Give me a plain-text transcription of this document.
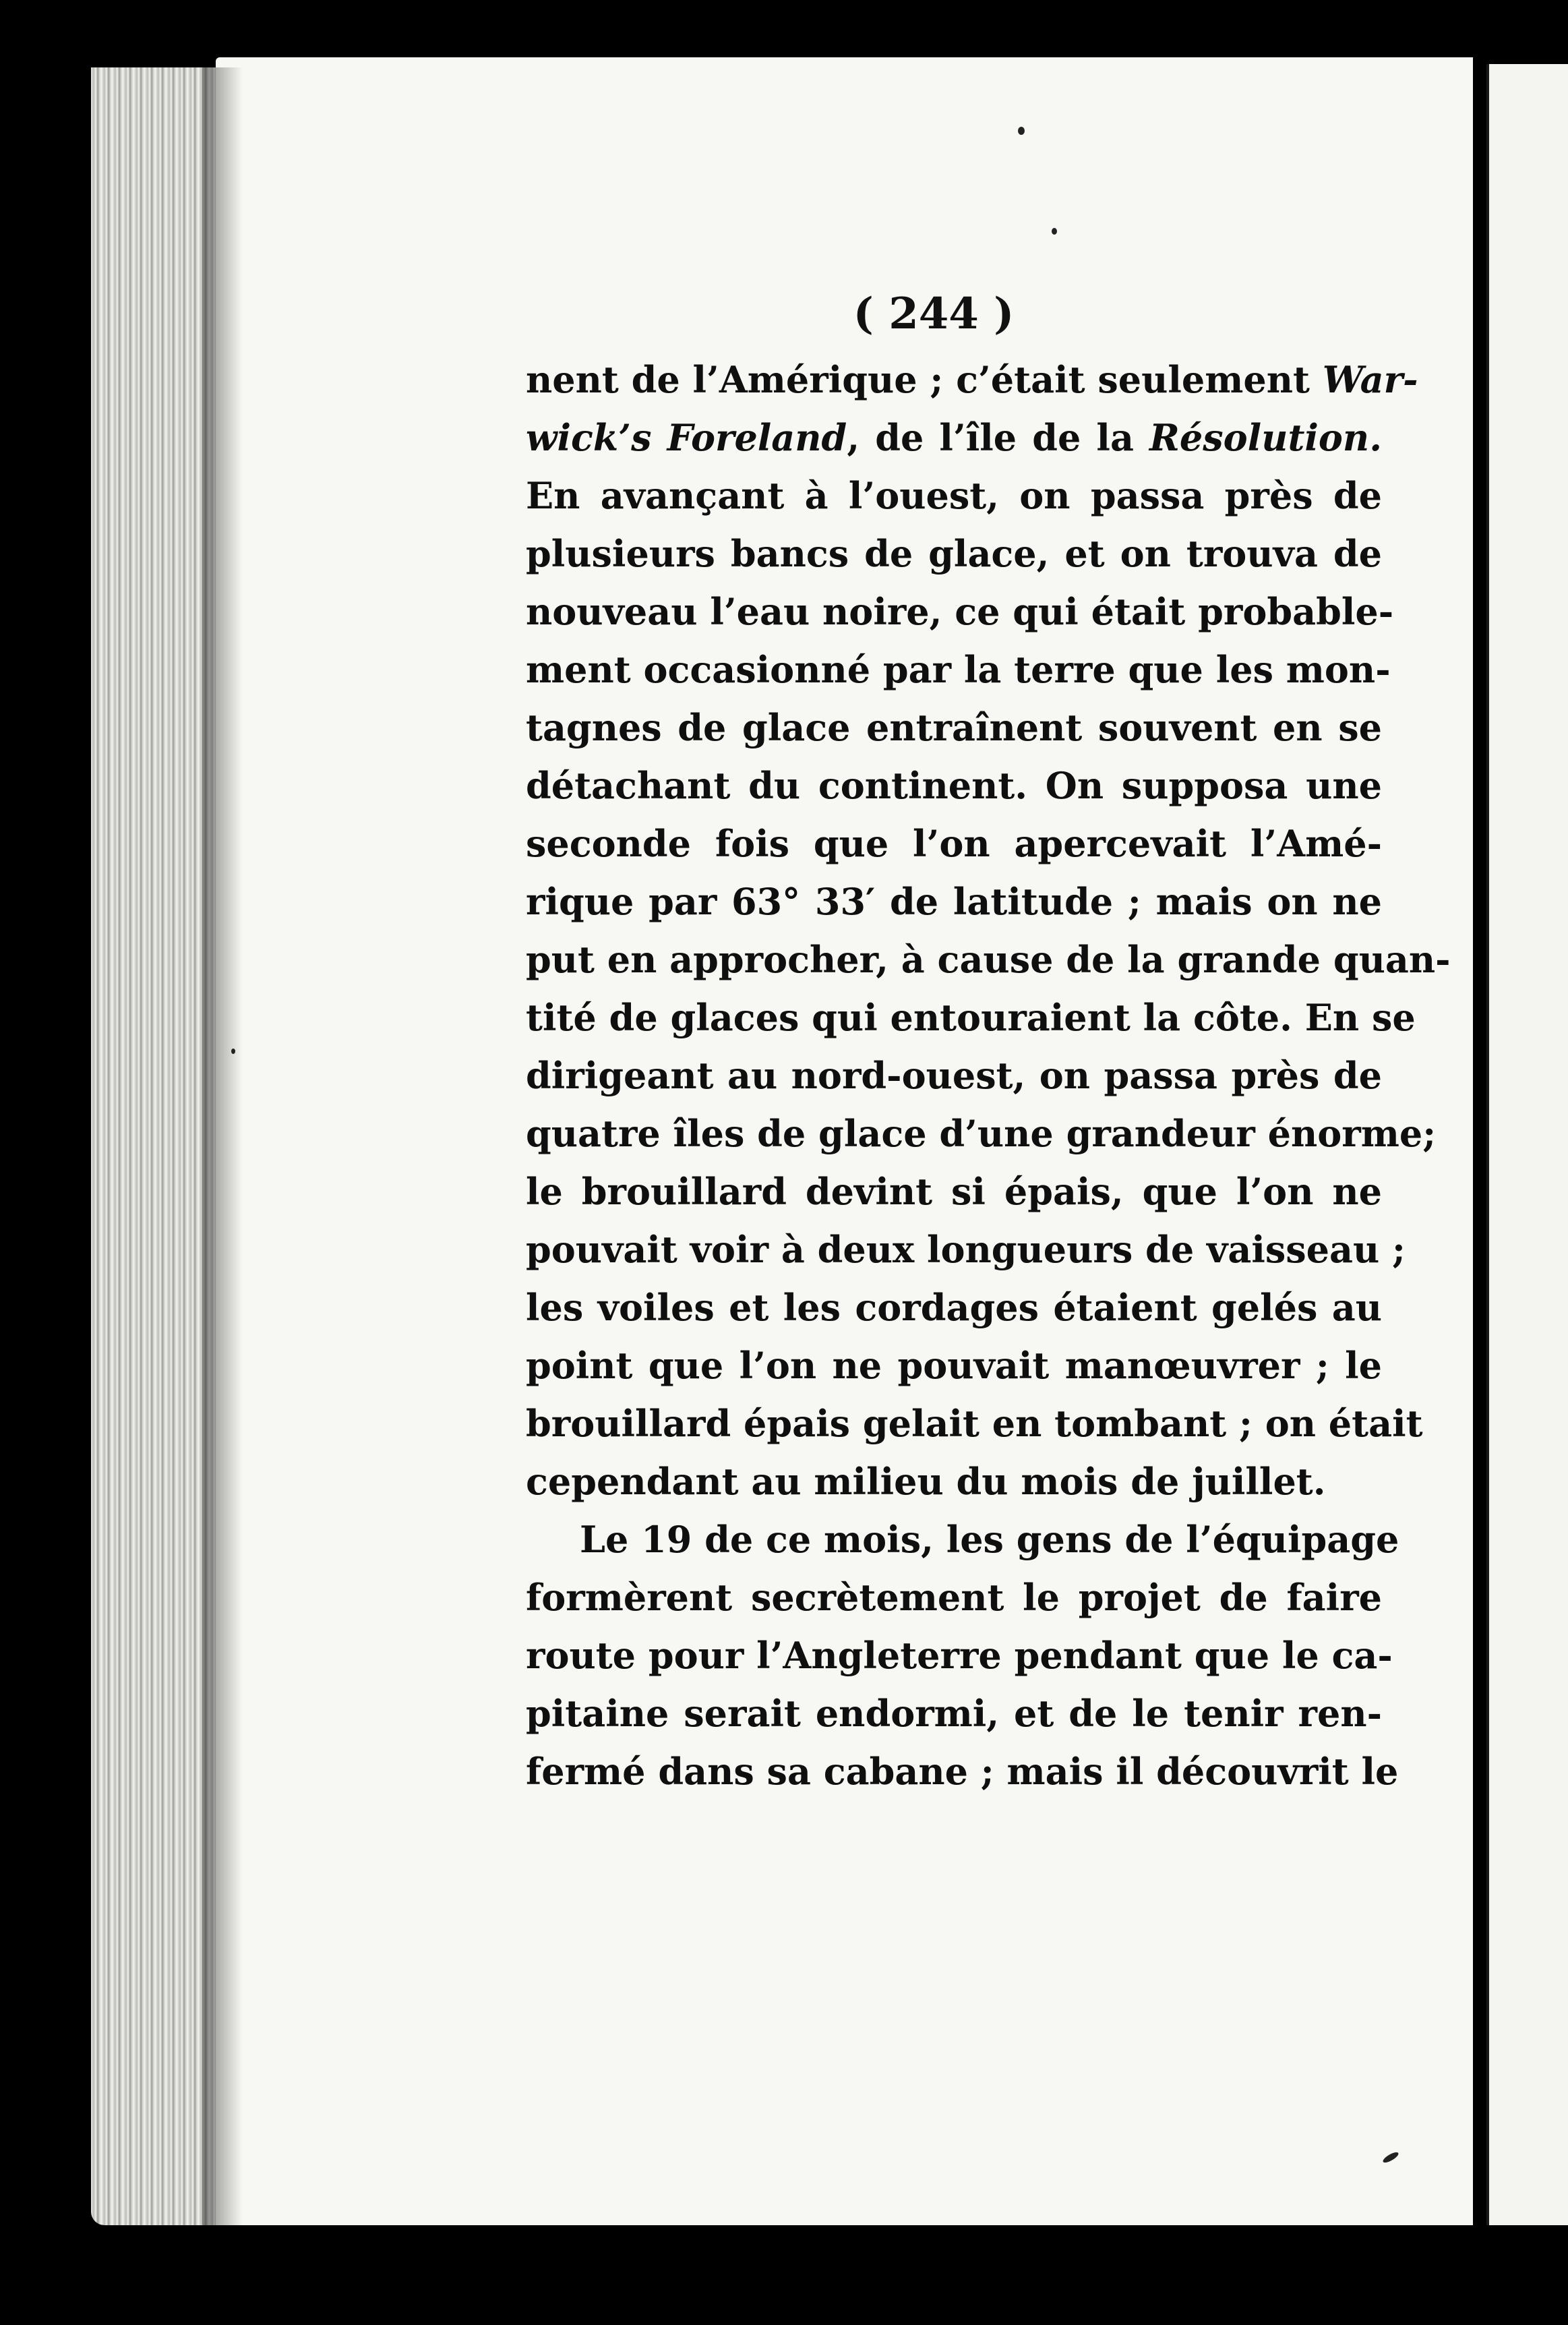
( 244 )
nent de l’Amérique ; c’était seulement War-
wick’s Foreland, de l’île de la Résolution.
En avançant à l’ouest, on passa près de
plusieurs bancs de glace, et on trouva de
nouveau l’eau noire, ce qui était probable-
ment occasionné par la terre que les mon-
tagnes de glace entraînent souvent en se
détachant du continent. On supposa une
seconde fois que l’on apercevait l’Amé-
rique par 63° 33′ de latitude ; mais on ne
put en approcher, à cause de la grande quan-
tité de glaces qui entouraient la côte. En se
dirigeant au nord-ouest, on passa près de
quatre îles de glace d’une grandeur énorme;
le brouillard devint si épais, que l’on ne
pouvait voir à deux longueurs de vaisseau ;
les voiles et les cordages étaient gelés au
point que l’on ne pouvait manœuvrer ; le
brouillard épais gelait en tombant ; on était
cependant au milieu du mois de juillet.
Le 19 de ce mois, les gens de l’équipage
formèrent secrètement le projet de faire
route pour l’Angleterre pendant que le ca-
pitaine serait endormi, et de le tenir ren-
fermé dans sa cabane ; mais il découvrit le
